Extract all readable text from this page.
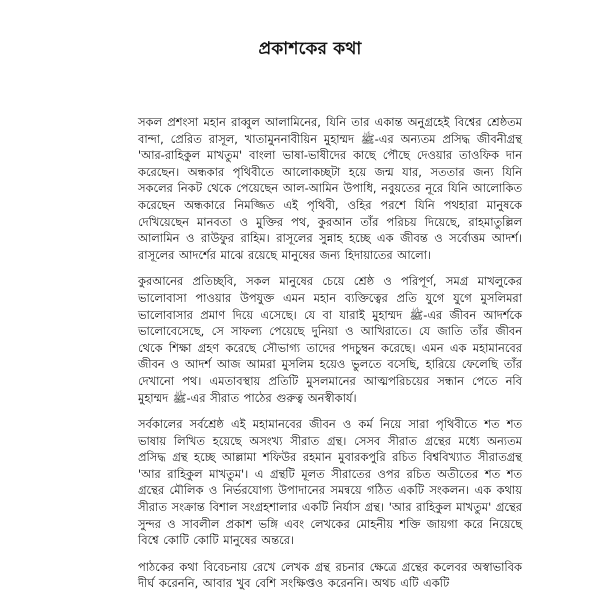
প্রকাশকের কথা

সকল প্রশংসা মহান রাব্বুল আলামিনের, যিনি তার একান্ত অনুগ্রহেই বিশ্বের শ্রেষ্ঠতম বান্দা, প্রেরিত রাসূল, খাতামুননাবীয়িন মুহাম্মদ ﷺ-এর অন্যতম প্রসিদ্ধ জীবনীগ্রন্থ 'আর-রাহিকুল মাখতুম' বাংলা ভাষা-ভাষীদের কাছে পৌছে দেওয়ার তাওফিক দান করেছেন। অন্ধকার পৃথিবীতে আলোকচ্ছটা হয়ে জন্ম যার, সততার জন্য যিনি সকলের নিকট থেকে পেয়েছেন আল-আমিন উপাধি, নবুয়তের নূরে যিনি আলোকিত করেছেন অন্ধকারে নিমজ্জিত এই পৃথিবী, ওহির পরশে যিনি পথহারা মানুষকে দেখিয়েছেন মানবতা ও মুক্তির পথ, কুরআন তাঁর পরিচয় দিয়েছে, রাহমাতুল্লিল আলামিন ও রাউফুর রাহিম। রাসূলের সুন্নাহ হচ্ছে এক জীবন্ত ও সর্বোত্তম আদর্শ। রাসূলের আদর্শের মাঝে রয়েছে মানুষের জন্য হিদায়াতের আলো।

কুরআনের প্রতিচ্ছবি, সকল মানুষের চেয়ে শ্রেষ্ঠ ও পরিপূর্ণ, সমগ্র মাখলুকের ভালোবাসা পাওয়ার উপযুক্ত এমন মহান ব্যক্তিত্বের প্রতি যুগে যুগে মুসলিমরা ভালোবাসার প্রমাণ দিয়ে এসেছে। যে বা যারাই মুহাম্মদ ﷺ-এর জীবন আদর্শকে ভালোবেসেছে, সে সাফল্য পেয়েছে দুনিয়া ও আখিরাতে। যে জাতি তাঁর জীবন থেকে শিক্ষা গ্রহণ করেছে সৌভাগ্য তাদের পদচুম্বন করেছে। এমন এক মহামানবের জীবন ও আদর্শ আজ আমরা মুসলিম হয়েও ভুলতে বসেছি, হারিয়ে ফেলেছি তাঁর দেখানো পথ। এমতাবস্থায় প্রতিটি মুসলমানের আত্মপরিচয়ের সন্ধান পেতে নবি মুহাম্মদ ﷺ-এর সীরাত পাঠের গুরুত্ব অনস্বীকার্য।

সর্বকালের সর্বশ্রেষ্ঠ এই মহামানবের জীবন ও কর্ম নিয়ে সারা পৃথিবীতে শত শত ভাষায় লিখিত হয়েছে অসংখ্য সীরাত গ্রন্থ। সেসব সীরাত গ্রন্থের মধ্যে অন্যতম প্রসিদ্ধ গ্রন্থ হচ্ছে আল্লামা শফিউর রহমান মুবারকপুরি রচিত বিশ্ববিখ্যাত সীরাতগ্রন্থ 'আর রাহিকুল মাখতুম'। এ গ্রন্থটি মূলত সীরাতের ওপর রচিত অতীতের শত শত গ্রন্থের মৌলিক ও নির্ভরযোগ্য উপাদানের সমন্বয়ে গঠিত একটি সংকলন। এক কথায় সীরাত সংক্রান্ত বিশাল সংগ্রহশালার একটি নির্যাস গ্রন্থ। 'আর রাহিকুল মাখতুম' গ্রন্থের সুন্দর ও সাবলীল প্রকাশ ভঙ্গি এবং লেখকের মোহনীয় শক্তি জায়গা করে নিয়েছে বিশ্বে কোটি কোটি মানুষের অন্তরে।

পাঠকের কথা বিবেচনায় রেখে লেখক গ্রন্থ রচনার ক্ষেত্রে গ্রন্থের কলেবর অস্বাভাবিক দীর্ঘ করেননি, আবার খুব বেশি সংক্ষিপ্তও করেননি। অথচ এটি একটি
